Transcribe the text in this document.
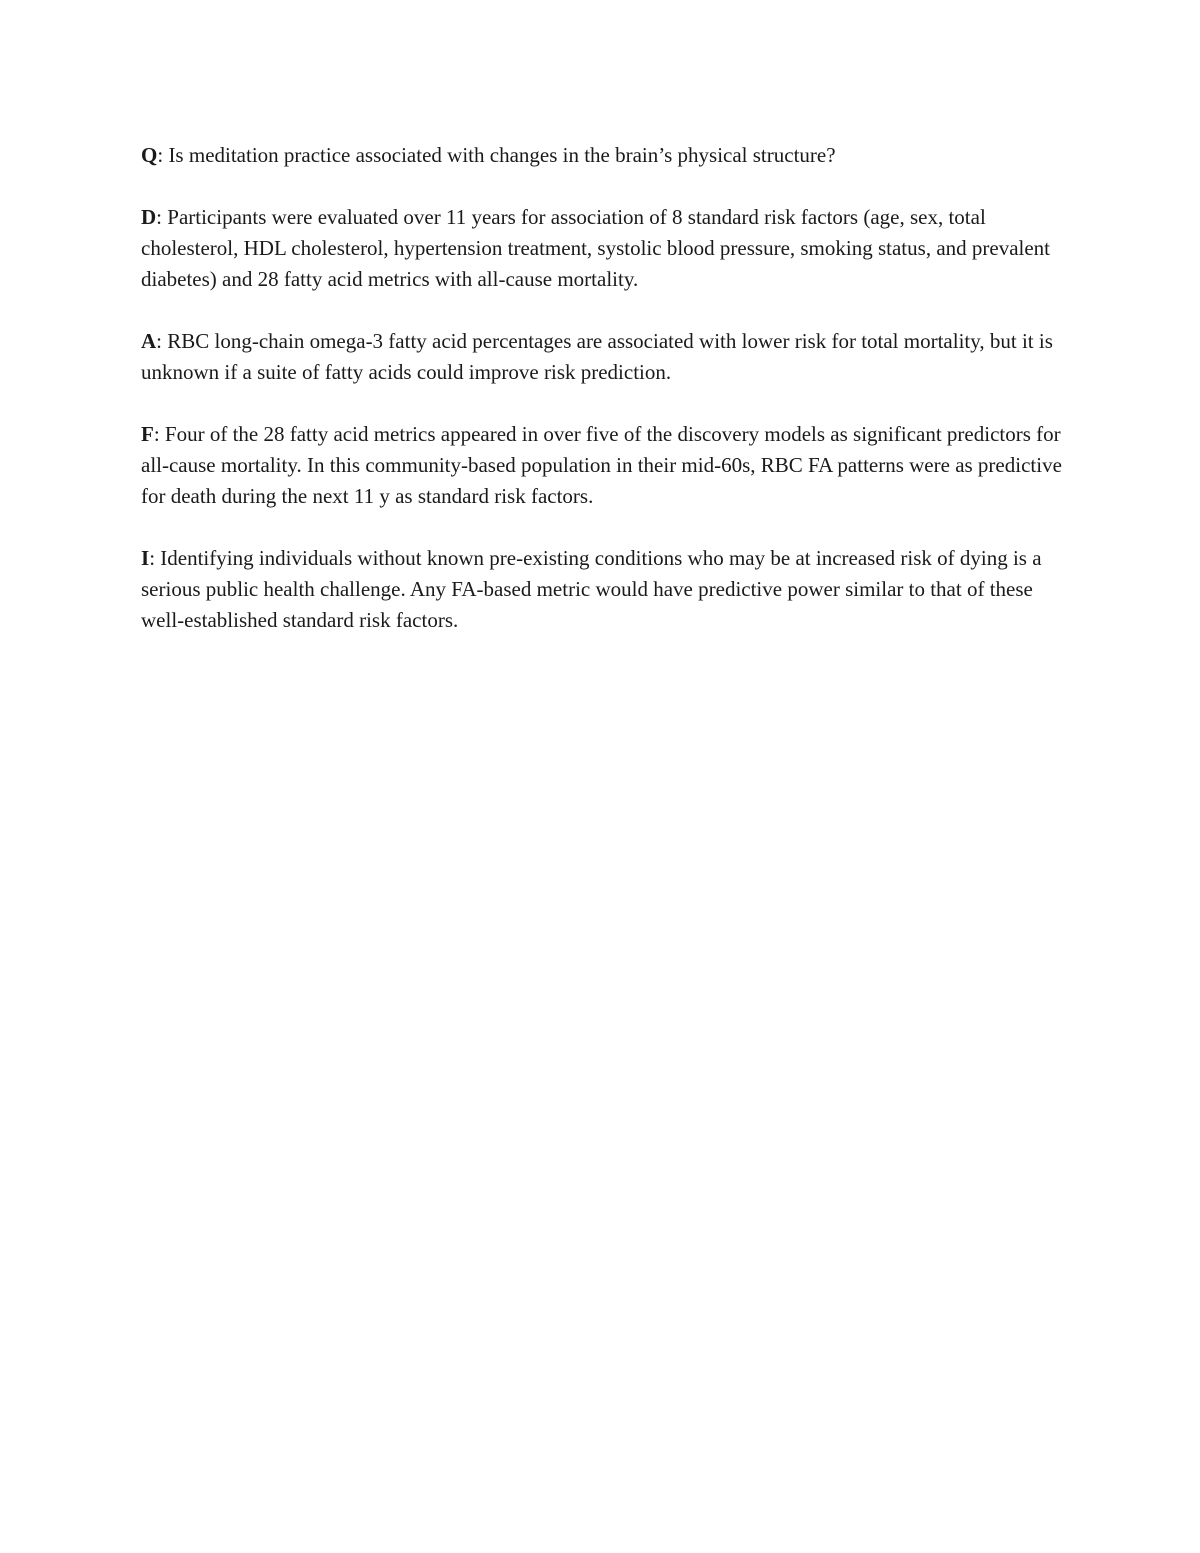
Q: Is meditation practice associated with changes in the brain’s physical structure?

D: Participants were evaluated over 11 years for association of 8 standard risk factors (age, sex, total cholesterol, HDL cholesterol, hypertension treatment, systolic blood pressure, smoking status, and prevalent diabetes) and 28 fatty acid metrics with all-cause mortality.

A: RBC long-chain omega-3 fatty acid percentages are associated with lower risk for total mortality, but it is unknown if a suite of fatty acids could improve risk prediction.

F: Four of the 28 fatty acid metrics appeared in over five of the discovery models as significant predictors for all-cause mortality. In this community-based population in their mid-60s, RBC FA patterns were as predictive for death during the next 11 y as standard risk factors.

I: Identifying individuals without known pre-existing conditions who may be at increased risk of dying is a serious public health challenge. Any FA-based metric would have predictive power similar to that of these well-established standard risk factors.
